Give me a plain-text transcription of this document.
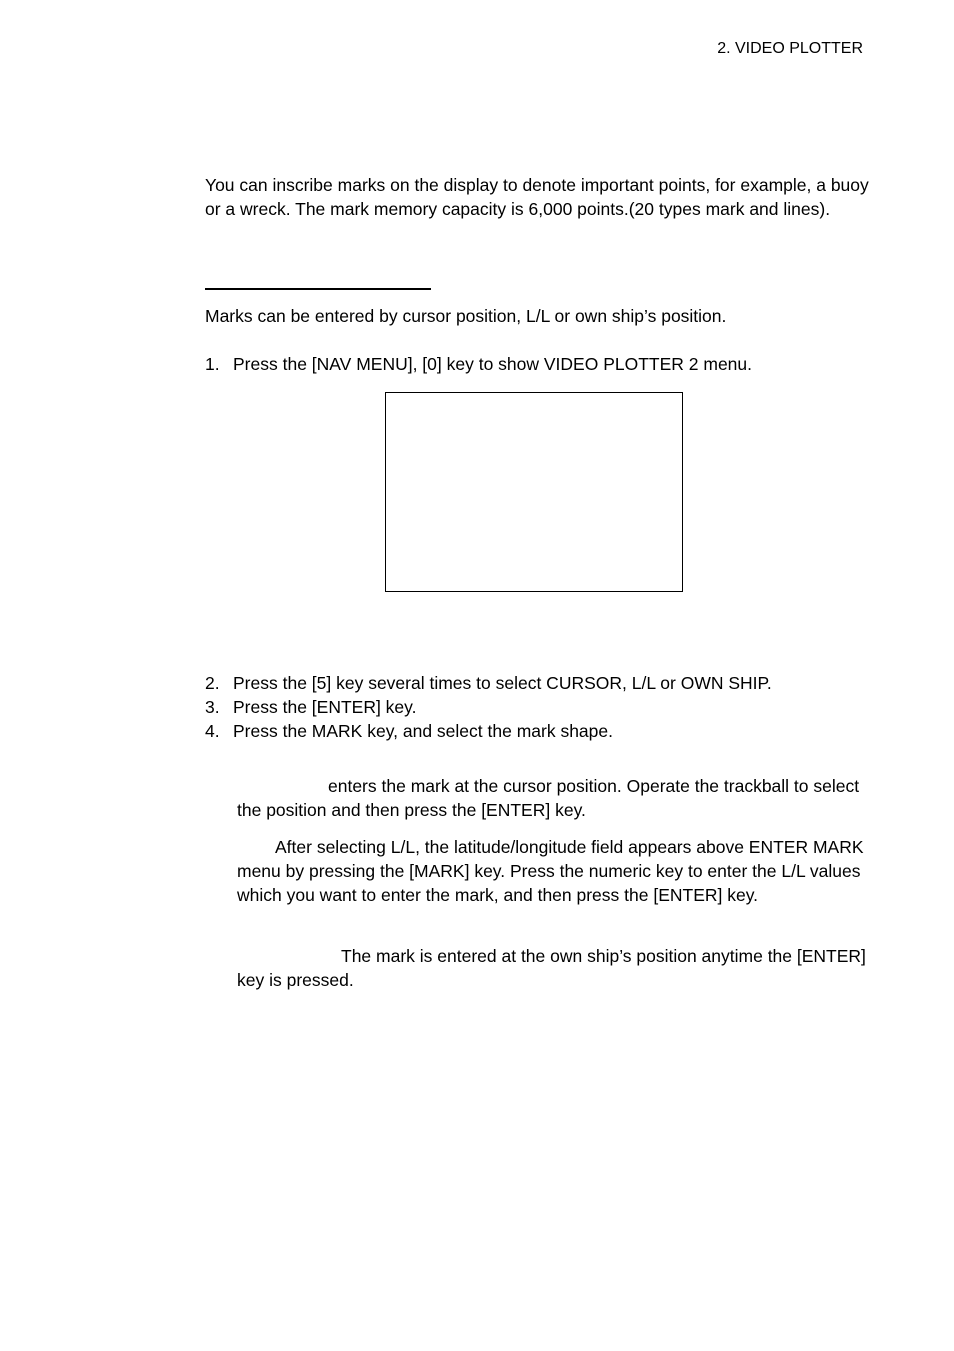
2. VIDEO PLOTTER

You can inscribe marks on the display to denote important points, for example, a buoy or a wreck. The mark memory capacity is 6,000 points.(20 types mark and lines).

Marks can be entered by cursor position, L/L or own ship’s position.

1. Press the [NAV MENU], [0] key to show VIDEO PLOTTER 2 menu.
2. Press the [5] key several times to select CURSOR, L/L or OWN SHIP.
3. Press the [ENTER] key.
4. Press the MARK key, and select the mark shape.

enters the mark at the cursor position. Operate the trackball to select the position and then press the [ENTER] key.

After selecting L/L, the latitude/longitude field appears above ENTER MARK menu by pressing the [MARK] key. Press the numeric key to enter the L/L values which you want to enter the mark, and then press the [ENTER] key.

The mark is entered at the own ship’s position anytime the [ENTER] key is pressed.
